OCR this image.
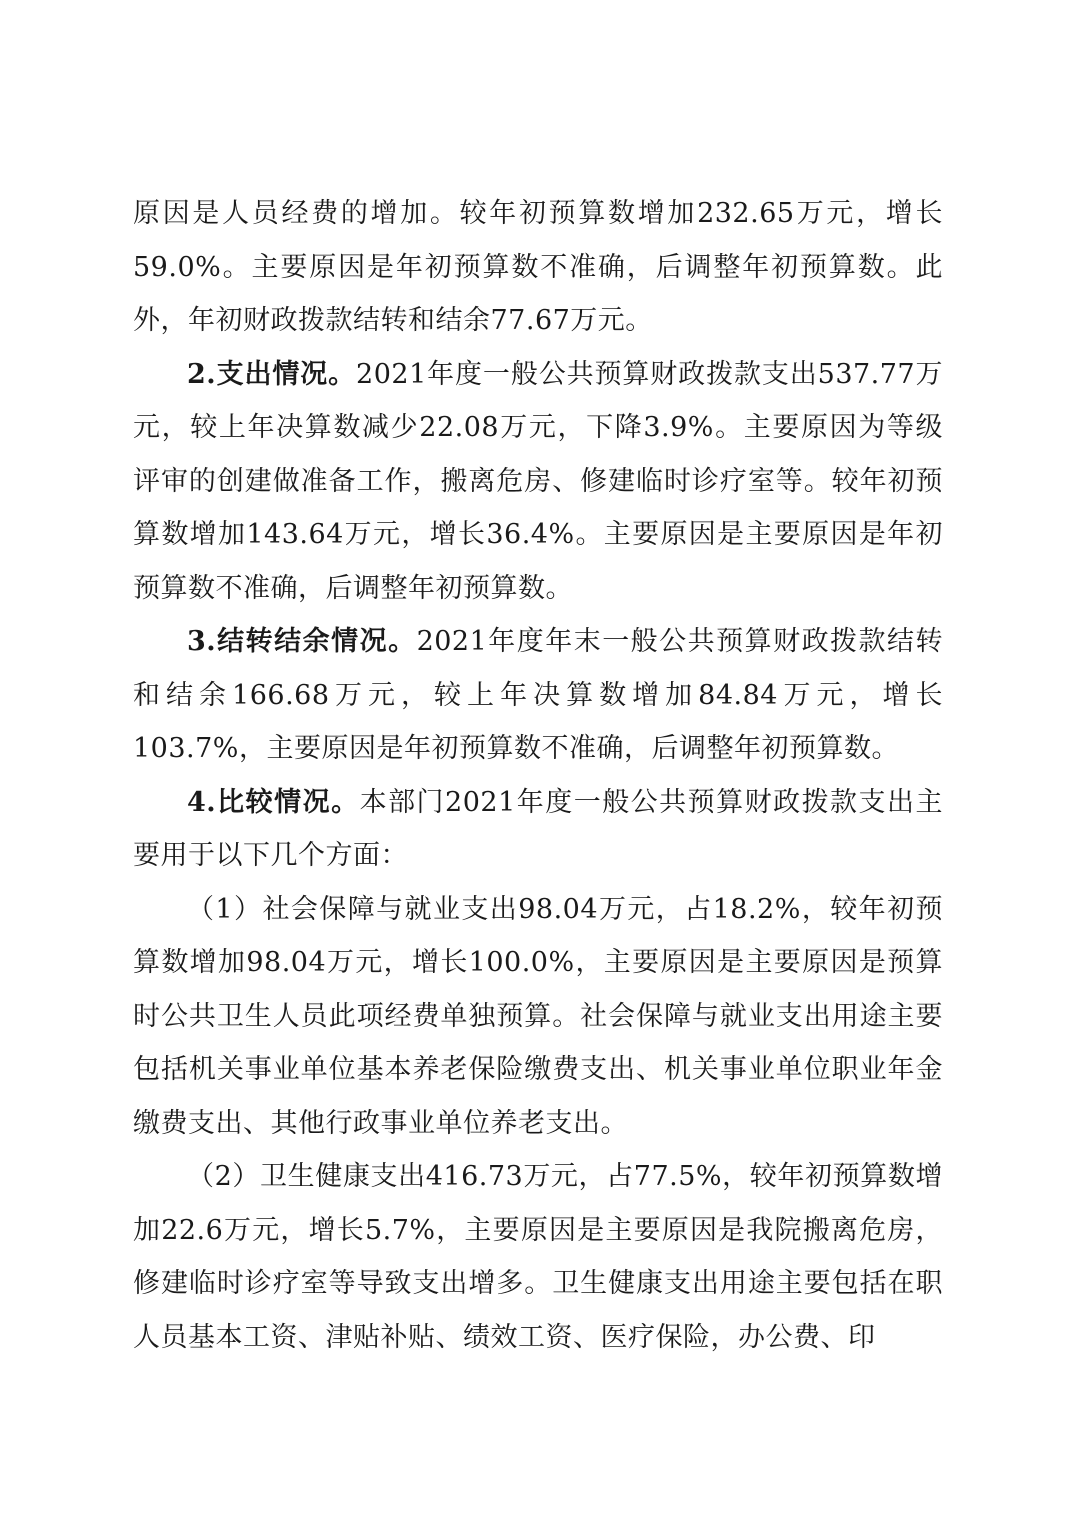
原因是人员经费的增加。较年初预算数增加232.65万元，增长59.0%。主要原因是年初预算数不准确，后调整年初预算数。此外，年初财政拨款结转和结余77.67万元。

2.支出情况。2021年度一般公共预算财政拨款支出537.77万元，较上年决算数减少22.08万元，下降3.9%。主要原因为等级评审的创建做准备工作，搬离危房、修建临时诊疗室等。较年初预算数增加143.64万元，增长36.4%。主要原因是主要原因是年初预算数不准确，后调整年初预算数。

3.结转结余情况。2021年度年末一般公共预算财政拨款结转和结余166.68万元，较上年决算数增加84.84万元，增长103.7%，主要原因是年初预算数不准确，后调整年初预算数。

4.比较情况。本部门2021年度一般公共预算财政拨款支出主要用于以下几个方面：

（1）社会保障与就业支出98.04万元，占18.2%，较年初预算数增加98.04万元，增长100.0%，主要原因是主要原因是预算时公共卫生人员此项经费单独预算。社会保障与就业支出用途主要包括机关事业单位基本养老保险缴费支出、机关事业单位职业年金缴费支出、其他行政事业单位养老支出。

（2）卫生健康支出416.73万元，占77.5%，较年初预算数增加22.6万元，增长5.7%，主要原因是主要原因是我院搬离危房，修建临时诊疗室等导致支出增多。卫生健康支出用途主要包括在职人员基本工资、津贴补贴、绩效工资、医疗保险，办公费、印
